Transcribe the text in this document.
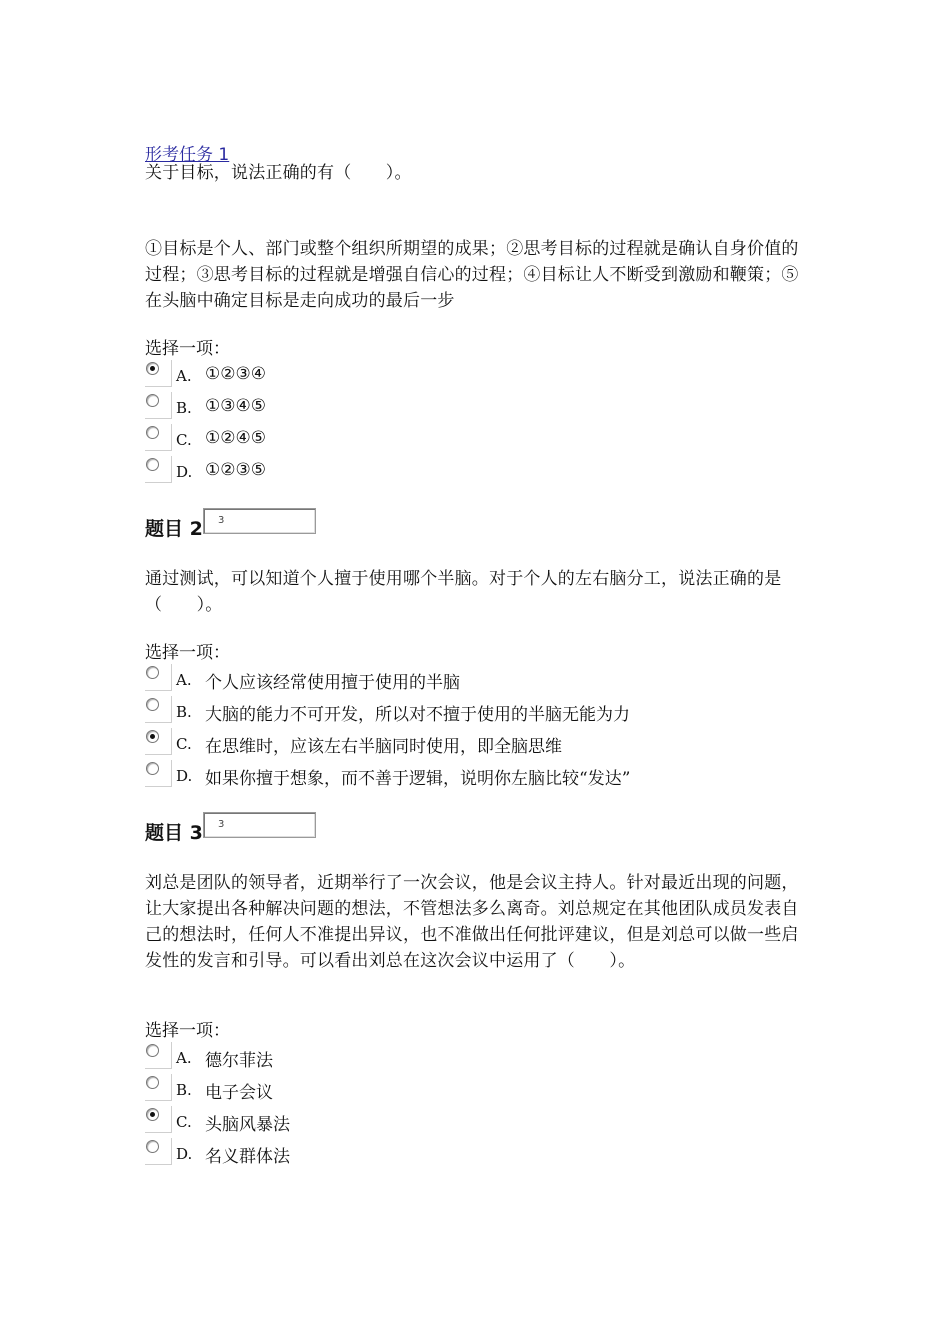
形考任务 1
关于目标，说法正确的有（　　）。
①目标是个人、部门或整个组织所期望的成果；②思考目标的过程就是确认自身价值的过程；③思考目标的过程就是增强自信心的过程；④目标让人不断受到激励和鞭策；⑤在头脑中确定目标是走向成功的最后一步
选择一项：
A. ①②③④
B. ①③④⑤
C. ①②④⑤
D. ①②③⑤
题目 2	3
通过测试，可以知道个人擅于使用哪个半脑。对于个人的左右脑分工，说法正确的是（　　）。
选择一项：
A. 个人应该经常使用擅于使用的半脑
B. 大脑的能力不可开发，所以对不擅于使用的半脑无能为力
C. 在思维时，应该左右半脑同时使用，即全脑思维
D. 如果你擅于想象，而不善于逻辑，说明你左脑比较“发达”
题目 3	3
刘总是团队的领导者，近期举行了一次会议，他是会议主持人。针对最近出现的问题，让大家提出各种解决问题的想法，不管想法多么离奇。刘总规定在其他团队成员发表自己的想法时，任何人不准提出异议，也不准做出任何批评建议，但是刘总可以做一些启发性的发言和引导。可以看出刘总在这次会议中运用了（　　）。
选择一项：
A. 德尔菲法
B. 电子会议
C. 头脑风暴法
D. 名义群体法
